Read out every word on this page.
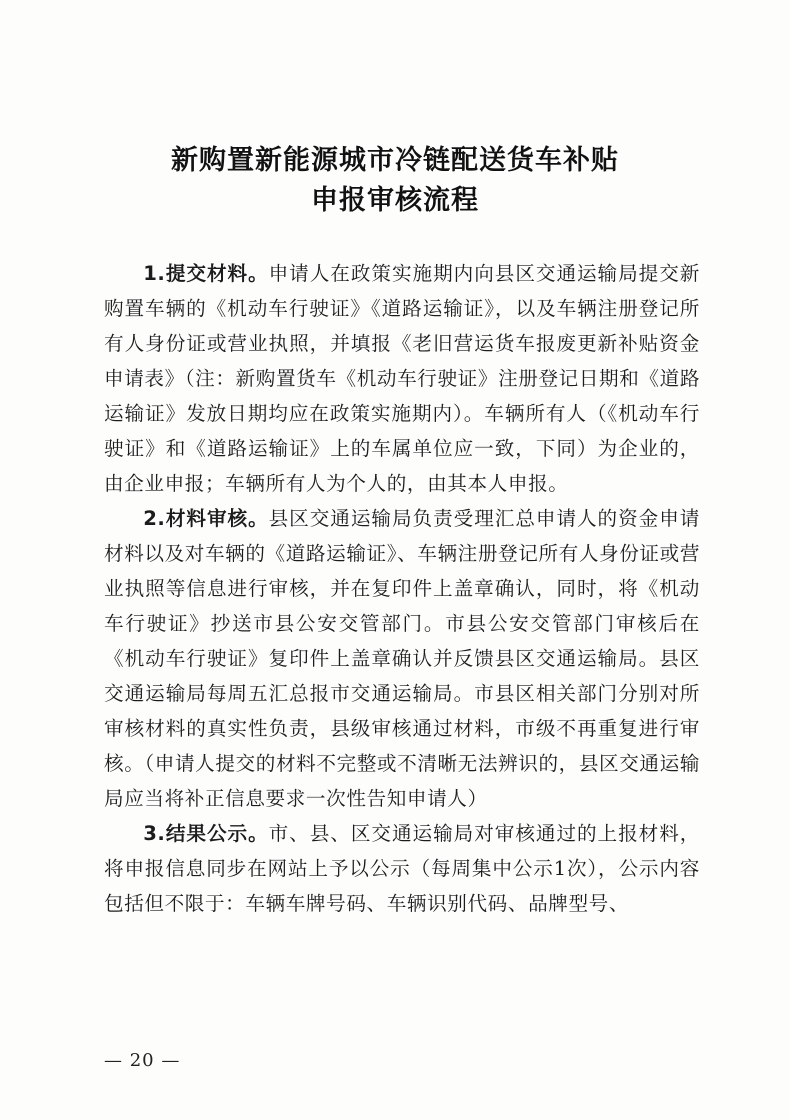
新购置新能源城市冷链配送货车补贴
申报审核流程

1.提交材料。申请人在政策实施期内向县区交通运输局提交新购置车辆的《机动车行驶证》《道路运输证》，以及车辆注册登记所有人身份证或营业执照，并填报《老旧营运货车报废更新补贴资金申请表》（注：新购置货车《机动车行驶证》注册登记日期和《道路运输证》发放日期均应在政策实施期内）。车辆所有人（《机动车行驶证》和《道路运输证》上的车属单位应一致，下同）为企业的，由企业申报；车辆所有人为个人的，由其本人申报。

2.材料审核。县区交通运输局负责受理汇总申请人的资金申请材料以及对车辆的《道路运输证》、车辆注册登记所有人身份证或营业执照等信息进行审核，并在复印件上盖章确认，同时，将《机动车行驶证》抄送市县公安交管部门。市县公安交管部门审核后在《机动车行驶证》复印件上盖章确认并反馈县区交通运输局。县区交通运输局每周五汇总报市交通运输局。市县区相关部门分别对所审核材料的真实性负责，县级审核通过材料，市级不再重复进行审核。（申请人提交的材料不完整或不清晰无法辨识的，县区交通运输局应当将补正信息要求一次性告知申请人）

3.结果公示。市、县、区交通运输局对审核通过的上报材料，将申报信息同步在网站上予以公示（每周集中公示1次），公示内容包括但不限于：车辆车牌号码、车辆识别代码、品牌型号、

— 20 —
